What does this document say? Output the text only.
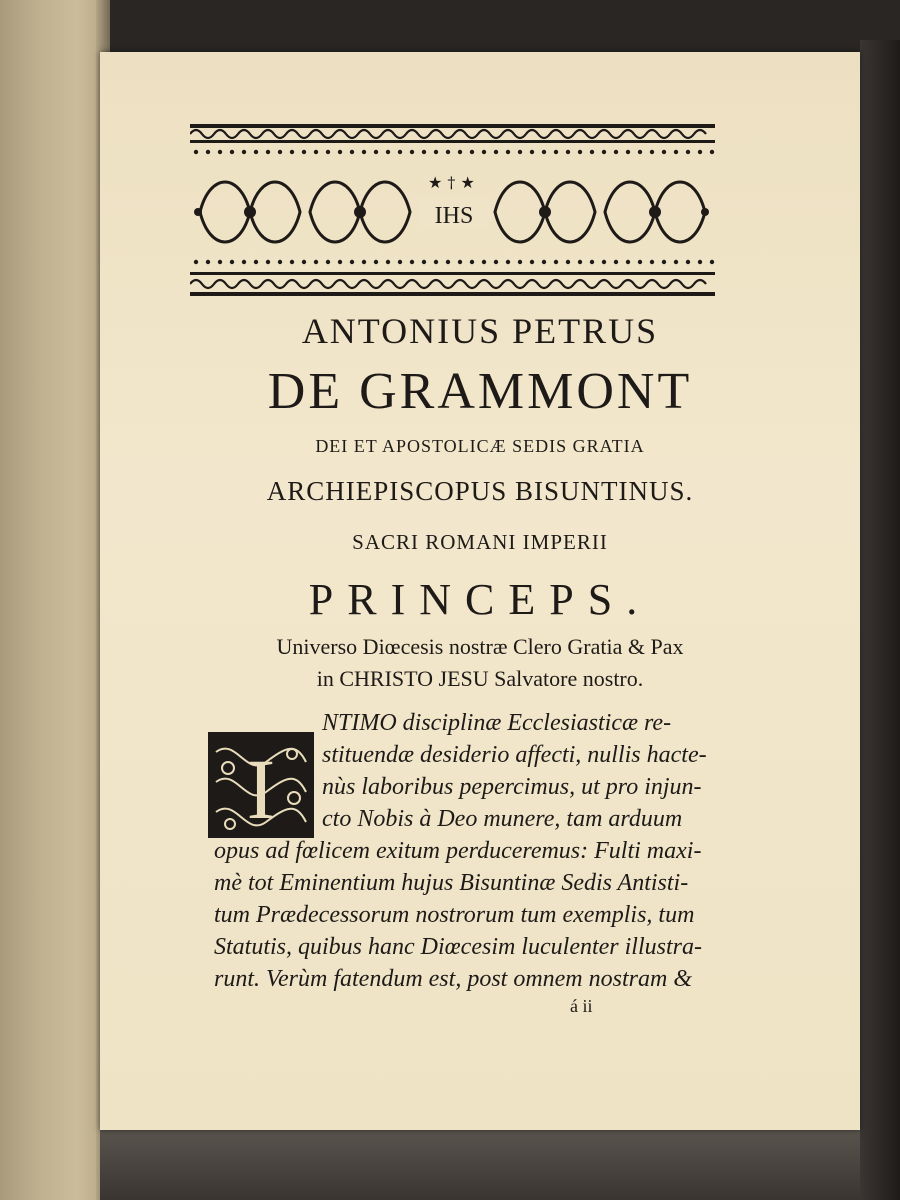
★ † ★
IHS
ANTONIUS PETRUS
DE GRAMMONT
DEI ET APOSTOLICÆ SEDIS GRATIA
ARCHIEPISCOPUS BISUNTINUS.
SACRI ROMANI IMPERII
PRINCEPS.
Universo Diœcesis nostræ Clero Gratia & Pax
in CHRISTO JESU Salvatore nostro.
I
NTIMO disciplinæ Ecclesiasticæ re-
stituendæ desiderio affecti, nullis hacte-
nùs laboribus pepercimus, ut pro injun-
cto Nobis à Deo munere, tam arduum
opus ad fœlicem exitum perduceremus: Fulti maxi-
mè tot Eminentium hujus Bisuntinæ Sedis Antisti-
tum Prædecessorum nostrorum tum exemplis, tum
Statutis, quibus hanc Diœcesim luculenter illustra-
runt. Verùm fatendum est, post omnem nostram &
á ii
